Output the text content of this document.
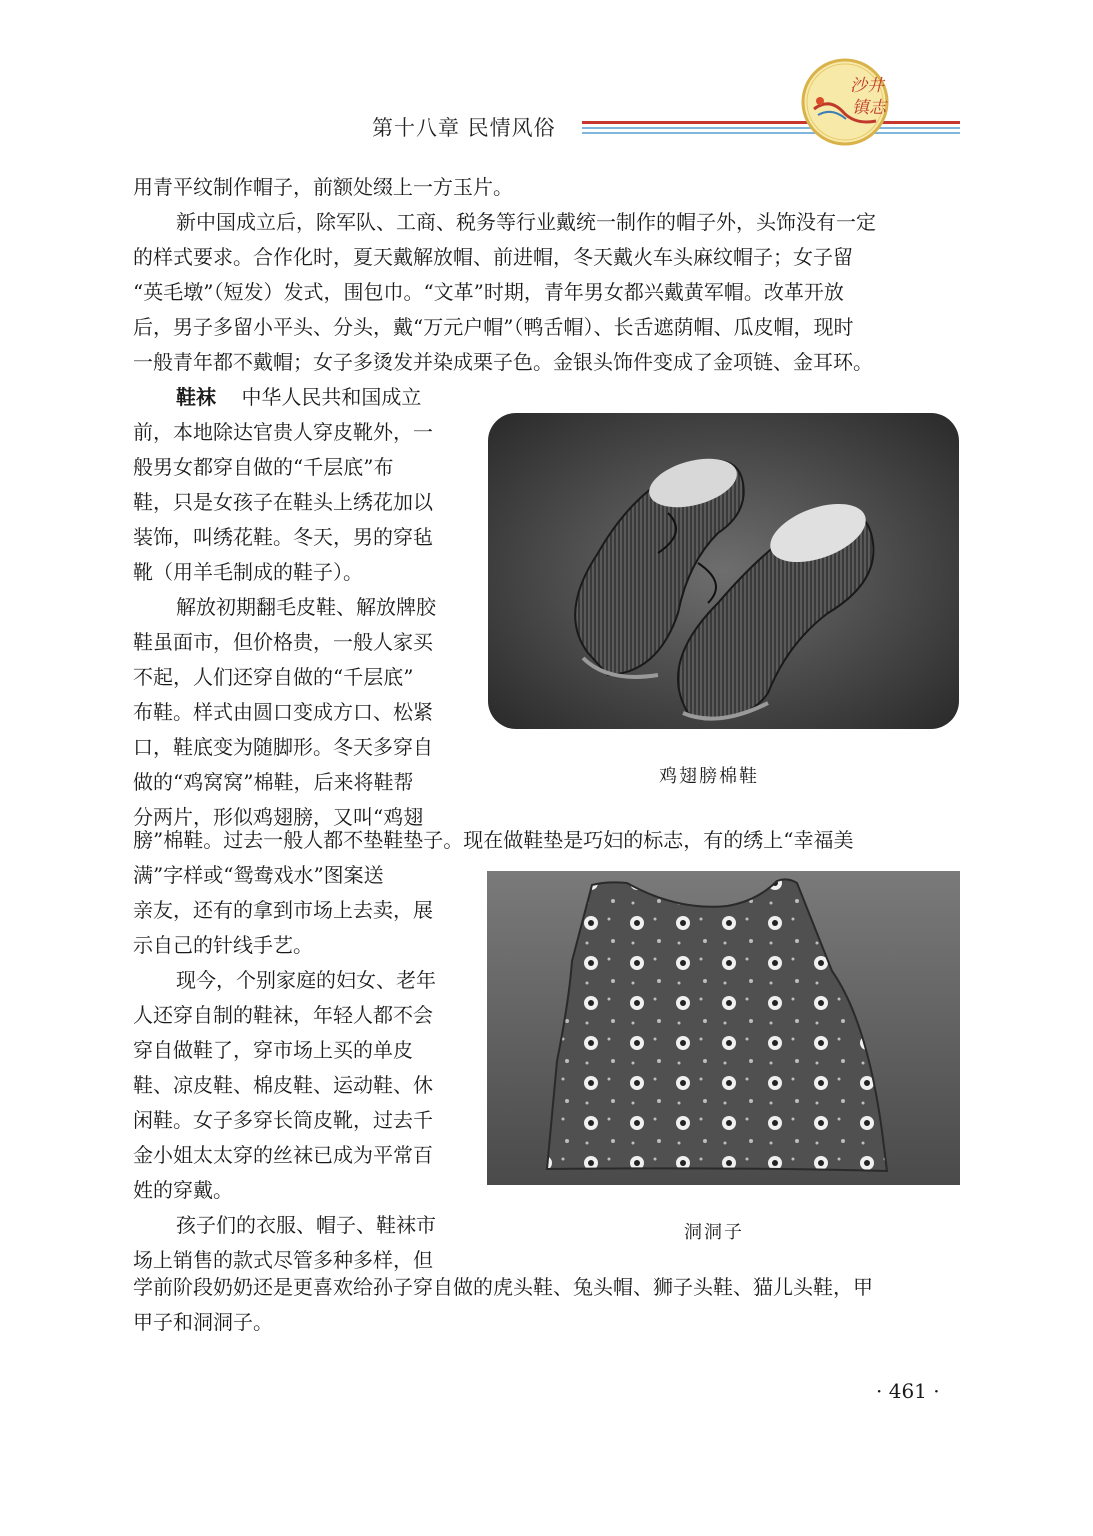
第十八章 民情风俗
沙井
镇志
用青平纹制作帽子，前额处缀上一方玉片。
新中国成立后，除军队、工商、税务等行业戴统一制作的帽子外，头饰没有一定
的样式要求。合作化时，夏天戴解放帽、前进帽，冬天戴火车头麻纹帽子；女子留
“英毛墩”（短发）发式，围包巾。“文革”时期，青年男女都兴戴黄军帽。改革开放
后，男子多留小平头、分头，戴“万元户帽”（鸭舌帽）、长舌遮荫帽、瓜皮帽，现时
一般青年都不戴帽；女子多烫发并染成栗子色。金银头饰件变成了金项链、金耳环。
鞋袜 中华人民共和国成立
前，本地除达官贵人穿皮靴外，一
般男女都穿自做的“千层底”布
鞋，只是女孩子在鞋头上绣花加以
装饰，叫绣花鞋。冬天，男的穿毡
靴（用羊毛制成的鞋子）。
解放初期翻毛皮鞋、解放牌胶
鞋虽面市，但价格贵，一般人家买
不起，人们还穿自做的“千层底”
布鞋。样式由圆口变成方口、松紧
口，鞋底变为随脚形。冬天多穿自
做的“鸡窝窝”棉鞋，后来将鞋帮
分两片，形似鸡翅膀，又叫“鸡翅
鸡翅膀棉鞋
膀”棉鞋。过去一般人都不垫鞋垫子。现在做鞋垫是巧妇的标志，有的绣上“幸福美
满”字样或“鸳鸯戏水”图案送
亲友，还有的拿到市场上去卖，展
示自己的针线手艺。
现今，个别家庭的妇女、老年
人还穿自制的鞋袜，年轻人都不会
穿自做鞋了，穿市场上买的单皮
鞋、凉皮鞋、棉皮鞋、运动鞋、休
闲鞋。女子多穿长筒皮靴，过去千
金小姐太太穿的丝袜已成为平常百
姓的穿戴。
孩子们的衣服、帽子、鞋袜市
场上销售的款式尽管多种多样，但
洞洞子
学前阶段奶奶还是更喜欢给孙子穿自做的虎头鞋、兔头帽、狮子头鞋、猫儿头鞋，甲
甲子和洞洞子。
· 461 ·
